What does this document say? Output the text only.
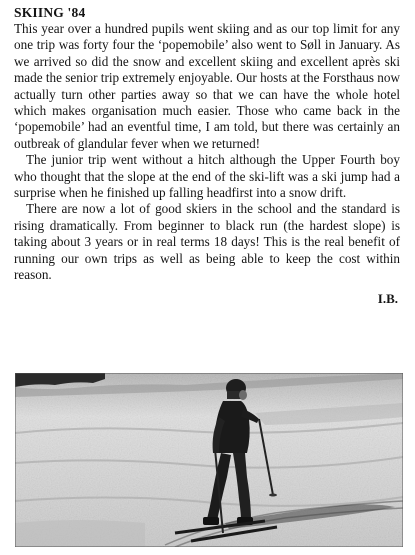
SKIING '84

This year over a hundred pupils went skiing and as our top limit for any one trip was forty four the ‘popemobile’ also went to Søll in January. As we arrived so did the snow and excellent skiing and excellent après ski made the senior trip extremely enjoyable. Our hosts at the Forsthaus now actually turn other parties away so that we can have the whole hotel which makes organisation much easier. Those who came back in the ‘popemobile’ had an eventful time, I am told, but there was certainly an outbreak of glandular fever when we returned!

The junior trip went without a hitch although the Upper Fourth boy who thought that the slope at the end of the ski-lift was a ski jump had a surprise when he finished up falling headfirst into a snow drift.

There are now a lot of good skiers in the school and the standard is rising dramatically. From beginner to black run (the hardest slope) is taking about 3 years or in real terms 18 days! This is the real benefit of running our own trips as well as being able to keep the cost within reason.

I.B.
